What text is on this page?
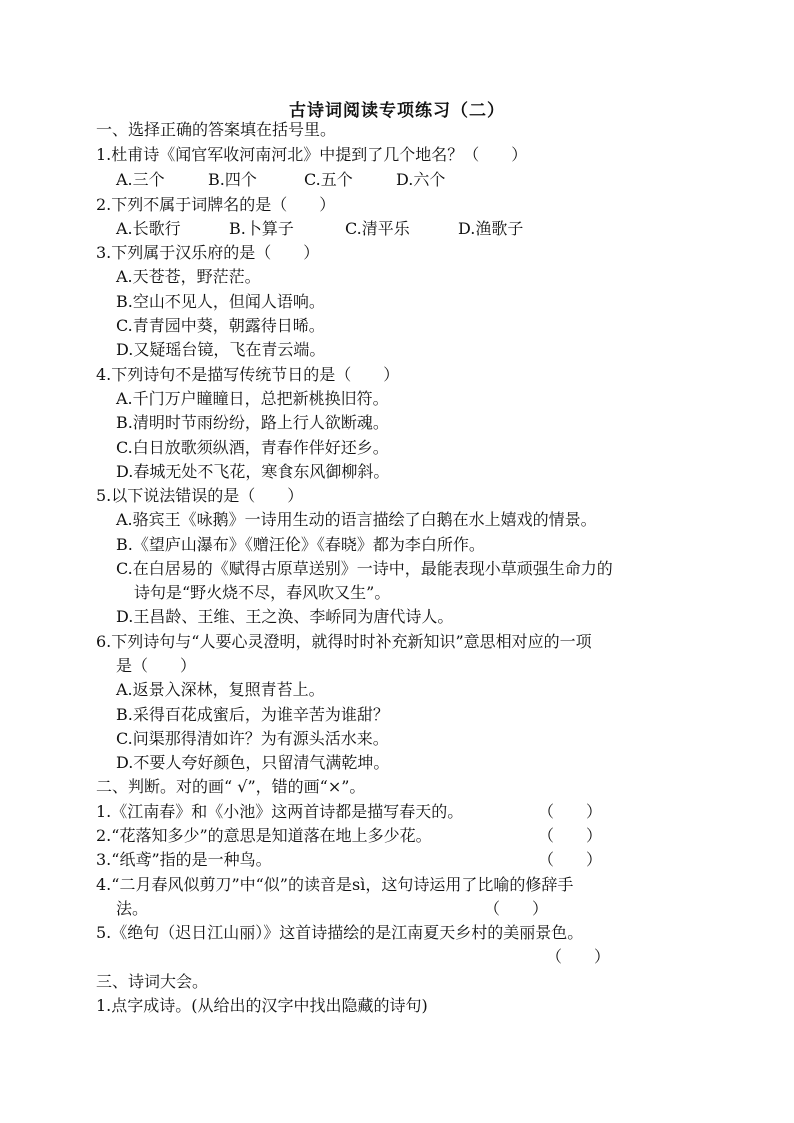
古诗词阅读专项练习（二）
一、选择正确的答案填在括号里。
1.杜甫诗《闻官军收河南河北》中提到了几个地名？（　　）
A.三个	B.四个	C.五个	D.六个
2.下列不属于词牌名的是（　　）
A.长歌行	B.卜算子	C.清平乐	D.渔歌子
3.下列属于汉乐府的是（　　）
A.天苍苍，野茫茫。
B.空山不见人，但闻人语响。
C.青青园中葵，朝露待日晞。
D.又疑瑶台镜，飞在青云端。
4.下列诗句不是描写传统节日的是（　　）
A.千门万户瞳瞳日，总把新桃换旧符。
B.清明时节雨纷纷，路上行人欲断魂。
C.白日放歌须纵酒，青春作伴好还乡。
D.春城无处不飞花，寒食东风御柳斜。
5.以下说法错误的是（　　）
A.骆宾王《咏鹅》一诗用生动的语言描绘了白鹅在水上嬉戏的情景。
B.《望庐山瀑布》《赠汪伦》《春晓》都为李白所作。
C.在白居易的《赋得古原草送别》一诗中，最能表现小草顽强生命力的
诗句是“野火烧不尽，春风吹又生”。
D.王昌龄、王维、王之涣、李峤同为唐代诗人。
6.下列诗句与“人要心灵澄明，就得时时补充新知识”意思相对应的一项
是（　　）
A.返景入深林，复照青苔上。
B.采得百花成蜜后，为谁辛苦为谁甜？
C.问渠那得清如许？为有源头活水来。
D.不要人夸好颜色，只留清气满乾坤。
二、判断。对的画“ √”，错的画“×”。
1.《江南春》和《小池》这两首诗都是描写春天的。	（　　）
2.“花落知多少”的意思是知道落在地上多少花。	（　　）
3.“纸鸢”指的是一种鸟。	（　　）
4.“二月春风似剪刀”中“似”的读音是sì，这句诗运用了比喻的修辞手
法。	（　　）
5.《绝句（迟日江山丽）》这首诗描绘的是江南夏天乡村的美丽景色。
（　　）
三、诗词大会。
1.点字成诗。(从给出的汉字中找出隐藏的诗句)
